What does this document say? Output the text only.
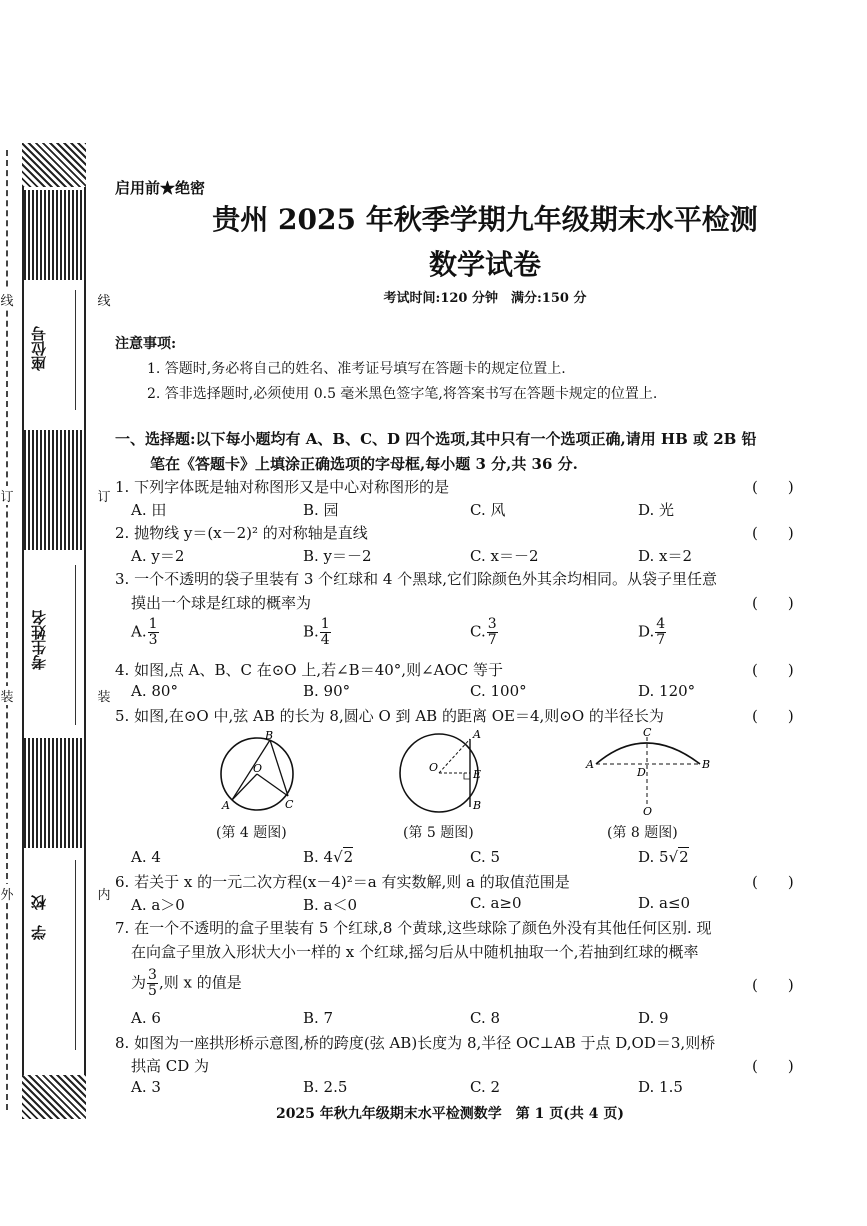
线
订
装
外
座位号
考生姓名
学　校
线
订
装
内
启用前★绝密
贵州 2025 年秋季学期九年级期末水平检测
数学试卷
考试时间:120 分钟　满分:150 分
注意事项:
1. 答题时,务必将自己的姓名、准考证号填写在答题卡的规定位置上.
2. 答非选择题时,必须使用 0.5 毫米黑色签字笔,将答案书写在答题卡规定的位置上.
一、选择题:以下每小题均有 A、B、C、D 四个选项,其中只有一个选项正确,请用 HB 或 2B 铅
笔在《答题卡》上填涂正确选项的字母框,每小题 3 分,共 36 分.
1. 下列字体既是轴对称图形又是中心对称图形的是	(　　)
A. 田	B. 园	C. 风	D. 光
2. 抛物线 y＝(x－2)² 的对称轴是直线	(　　)
A. y＝2	B. y＝－2	C. x＝－2	D. x＝2
3. 一个不透明的袋子里装有 3 个红球和 4 个黑球,它们除颜色外其余均相同。从袋子里任意
摸出一个球是红球的概率为	(　　)
A. $\frac{1}{3}$	B. $\frac{1}{4}$	C. $\frac{3}{7}$	D. $\frac{4}{7}$
4. 如图,点 A、B、C 在⊙O 上,若∠B＝40°,则∠AOC 等于	(　　)
A. 80°	B. 90°	C. 100°	D. 120°
5. 如图,在⊙O 中,弦 AB 的长为 8,圆心 O 到 AB 的距离 OE＝4,则⊙O 的半径长为	(　　)
B
O
A	C
(第 4 题图)
A
O
E
B
(第 5 题图)
C
A	B
D
O
(第 8 题图)
A. 4	B. 4√2	C. 5	D. 5√2
6. 若关于 x 的一元二次方程(x－4)²＝a 有实数解,则 a 的取值范围是	(　　)
A. a＞0	B. a＜0	C. a≥0	D. a≤0
7. 在一个不透明的盒子里装有 5 个红球,8 个黄球,这些球除了颜色外没有其他任何区别. 现
在向盒子里放入形状大小一样的 x 个红球,摇匀后从中随机抽取一个,若抽到红球的概率
为 $\frac{3}{5}$ ,则 x 的值是	(　　)
A. 6	B. 7	C. 8	D. 9
8. 如图为一座拱形桥示意图,桥的跨度(弦 AB)长度为 8,半径 OC⊥AB 于点 D,OD＝3,则桥
拱高 CD 为	(　　)
A. 3	B. 2.5	C. 2	D. 1.5
2025 年秋九年级期末水平检测数学　第 1 页(共 4 页)
